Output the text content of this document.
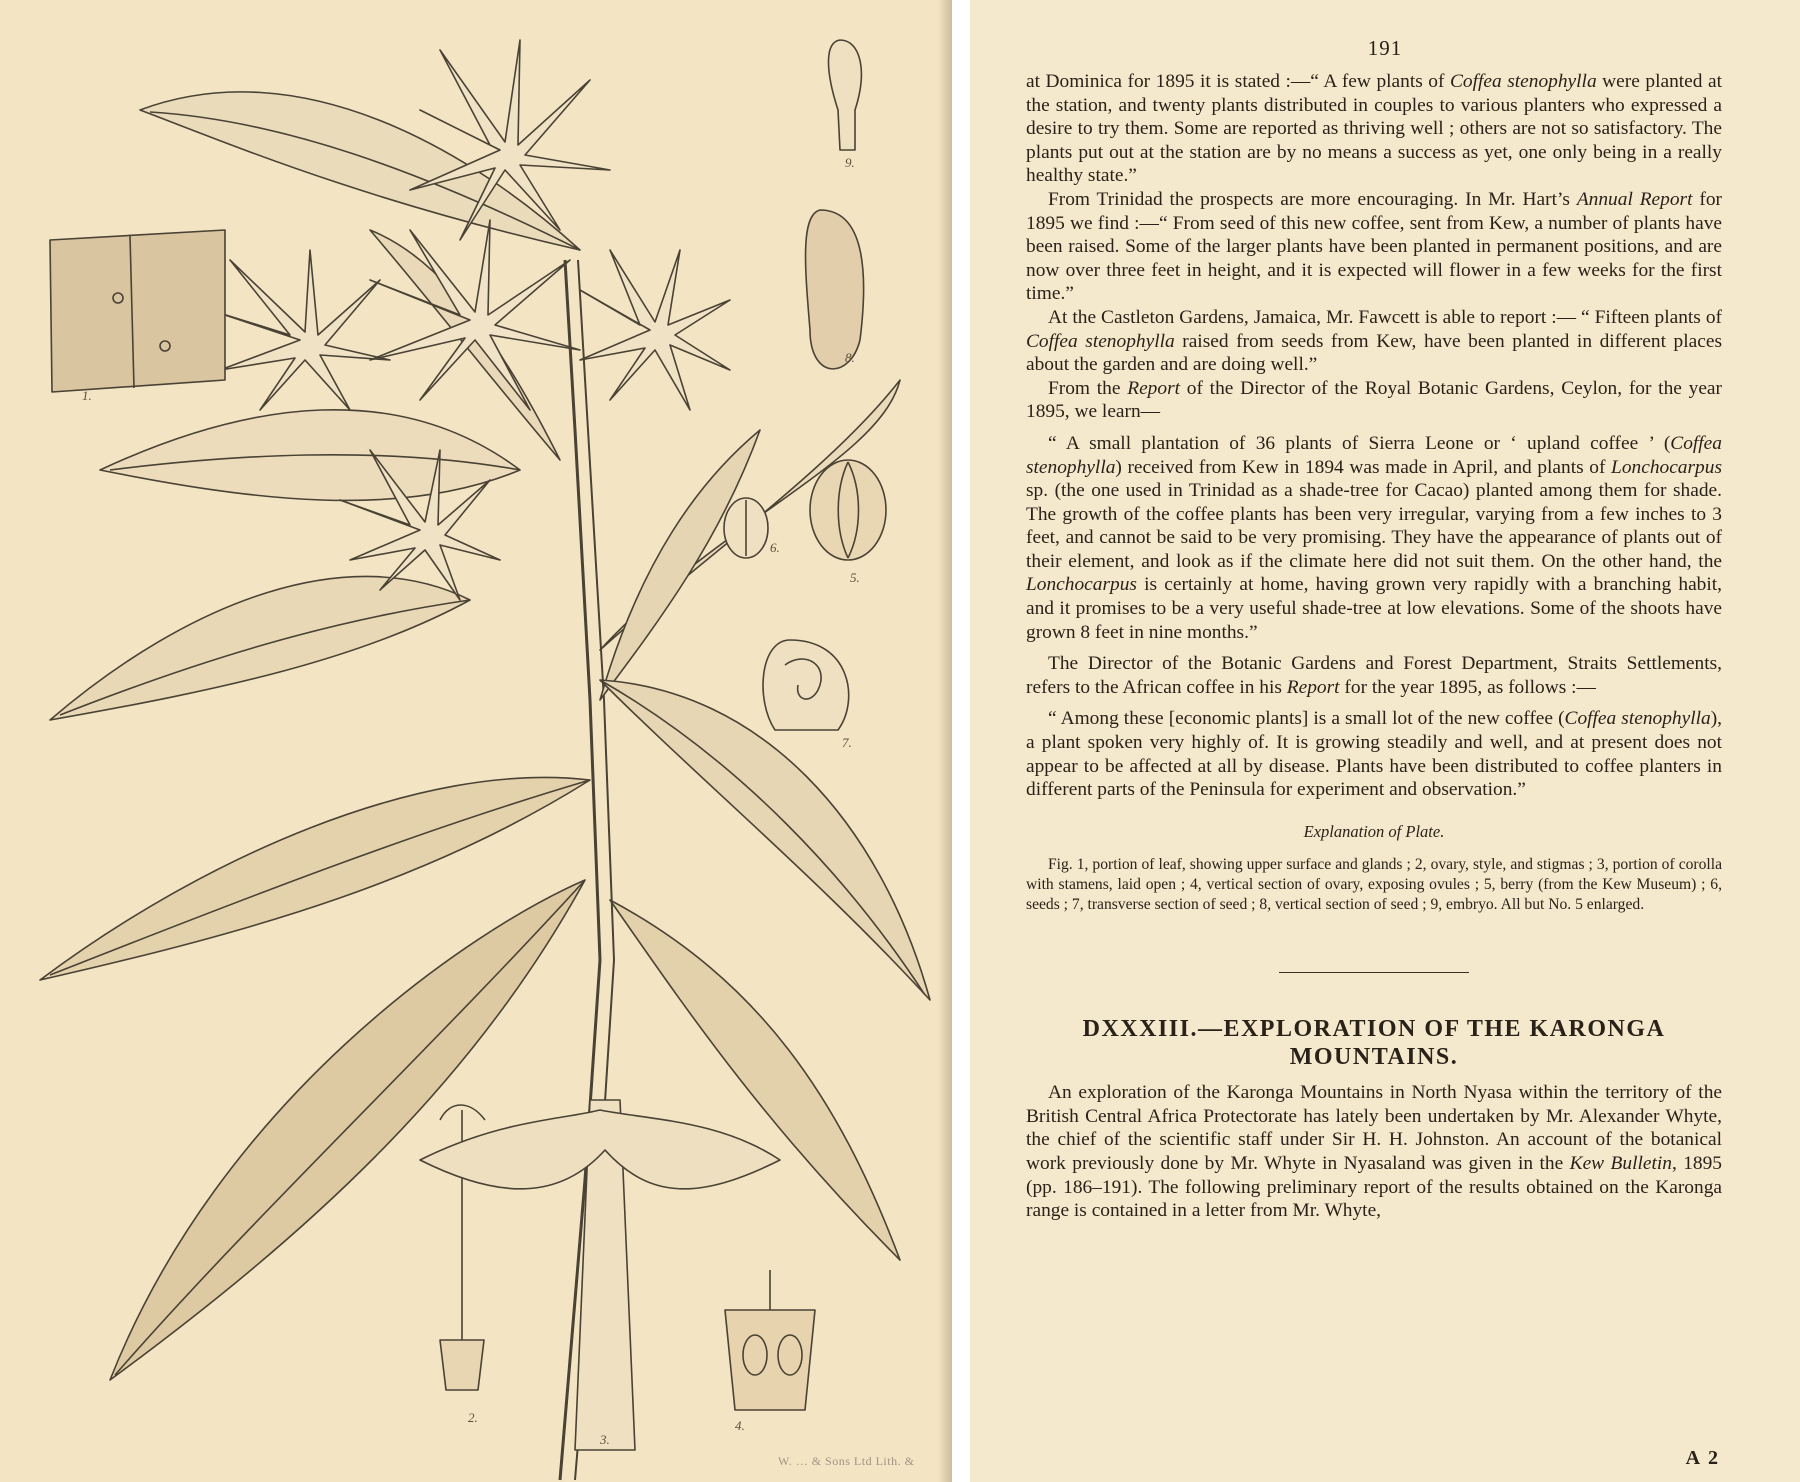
1.
2.
3.
4.
5.
6.
7.
8.
9.
W. … & Sons Ltd Lith. &
191

at Dominica for 1895 it is stated :—“ A few plants of Coffea stenophylla were planted at the station, and twenty plants distributed in couples to various planters who expressed a desire to try them. Some are reported as thriving well ; others are not so satisfactory. The plants put out at the station are by no means a success as yet, one only being in a really healthy state.”

From Trinidad the prospects are more encouraging. In Mr. Hart’s Annual Report for 1895 we find :—“ From seed of this new coffee, sent from Kew, a number of plants have been raised. Some of the larger plants have been planted in permanent positions, and are now over three feet in height, and it is expected will flower in a few weeks for the first time.”

At the Castleton Gardens, Jamaica, Mr. Fawcett is able to report :— “ Fifteen plants of Coffea stenophylla raised from seeds from Kew, have been planted in different places about the garden and are doing well.”

From the Report of the Director of the Royal Botanic Gardens, Ceylon, for the year 1895, we learn—

“ A small plantation of 36 plants of Sierra Leone or ‘ upland coffee ’ (Coffea stenophylla) received from Kew in 1894 was made in April, and plants of Lonchocarpus sp. (the one used in Trinidad as a shade-tree for Cacao) planted among them for shade. The growth of the coffee plants has been very irregular, varying from a few inches to 3 feet, and cannot be said to be very promising. They have the appearance of plants out of their element, and look as if the climate here did not suit them. On the other hand, the Lonchocarpus is certainly at home, having grown very rapidly with a branching habit, and it promises to be a very useful shade-tree at low elevations. Some of the shoots have grown 8 feet in nine months.”

The Director of the Botanic Gardens and Forest Department, Straits Settlements, refers to the African coffee in his Report for the year 1895, as follows :—

“ Among these [economic plants] is a small lot of the new coffee (Coffea stenophylla), a plant spoken very highly of. It is growing steadily and well, and at present does not appear to be affected at all by disease. Plants have been distributed to coffee planters in different parts of the Peninsula for experiment and observation.”

Explanation of Plate.

Fig. 1, portion of leaf, showing upper surface and glands ; 2, ovary, style, and stigmas ; 3, portion of corolla with stamens, laid open ; 4, vertical section of ovary, exposing ovules ; 5, berry (from the Kew Museum) ; 6, seeds ; 7, transverse section of seed ; 8, vertical section of seed ; 9, embryo. All but No. 5 enlarged.

DXXXIII.—EXPLORATION OF THE KARONGA
MOUNTAINS.

An exploration of the Karonga Mountains in North Nyasa within the territory of the British Central Africa Protectorate has lately been undertaken by Mr. Alexander Whyte, the chief of the scientific staff under Sir H. H. Johnston. An account of the botanical work previously done by Mr. Whyte in Nyasaland was given in the Kew Bulletin, 1895 (pp. 186–191). The following preliminary report of the results obtained on the Karonga range is contained in a letter from Mr. Whyte,

A 2
